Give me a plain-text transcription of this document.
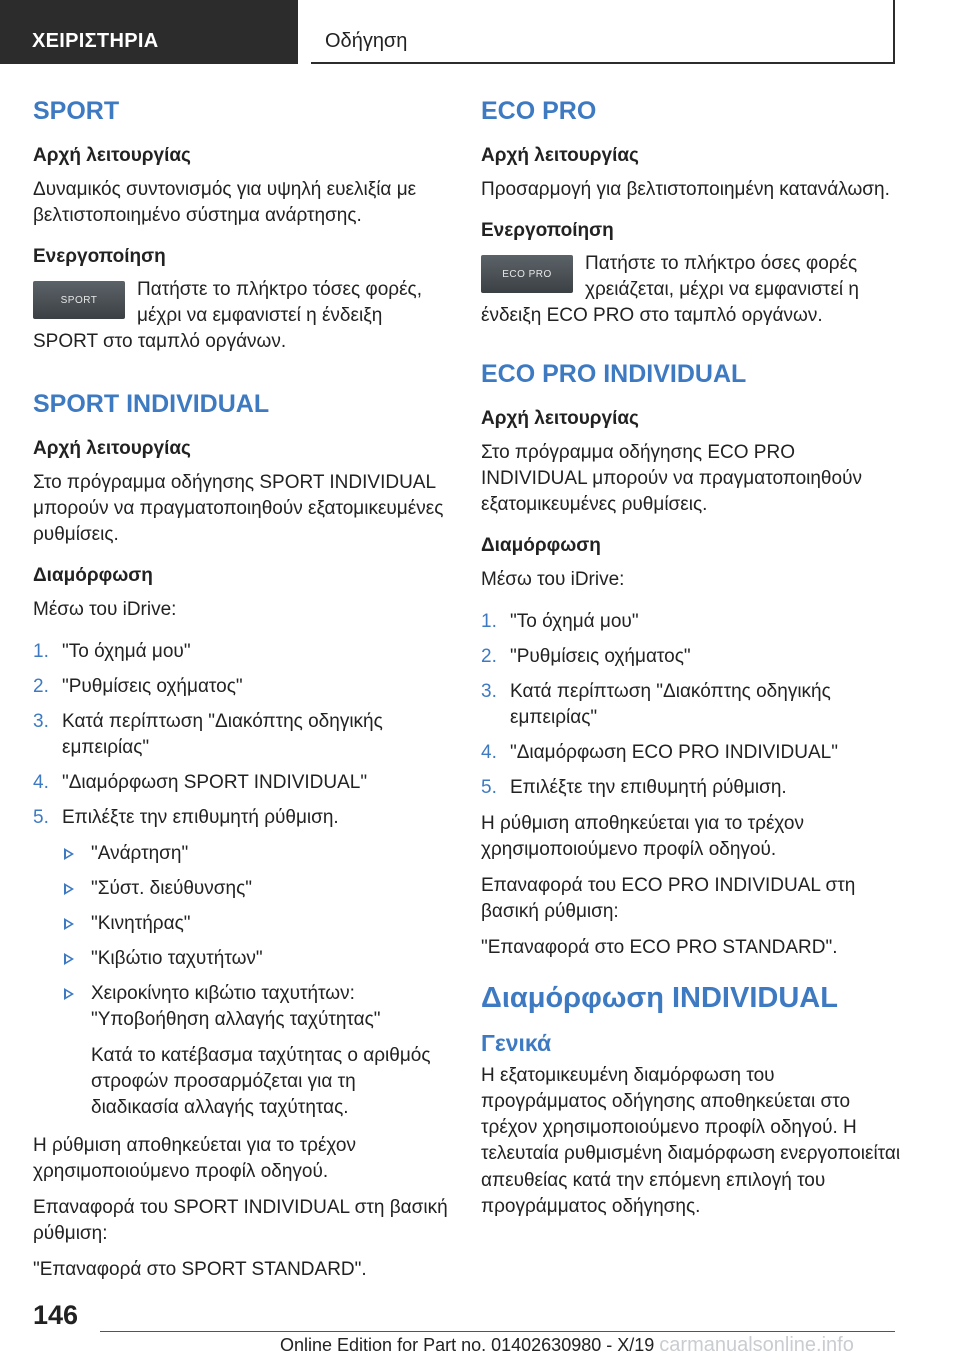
ΧΕΙΡΙΣΤΗΡΙΑ	Οδήγηση
SPORT
Αρχή λειτουργίας

Δυναμικός συντονισμός για υψηλή ευελιξία με βελτιστοποιημένο σύστημα ανάρτησης.

Ενεργοποίηση

SPORT	Πατήστε το πλήκτρο τόσες φορές, μέχρι να εμφανιστεί η ένδειξη SPORT στο ταμπλό οργάνων.

SPORT INDIVIDUAL
Αρχή λειτουργίας

Στο πρόγραμμα οδήγησης SPORT INDIVIDUAL μπορούν να πραγματοποιηθούν εξατομικευμένες ρυθμίσεις.

Διαμόρφωση

Μέσω του iDrive:

1. "Το όχημά μου"
2. "Ρυθμίσεις οχήματος"
3. Κατά περίπτωση "Διακόπτης οδηγικής εμπειρίας"
4. "Διαμόρφωση SPORT INDIVIDUAL"
5. Επιλέξτε την επιθυμητή ρύθμιση.
"Ανάρτηση"
"Σύστ. διεύθυνσης"
"Κινητήρας"
"Κιβώτιο ταχυτήτων"
Χειροκίνητο κιβώτιο ταχυτήτων: "Υποβοήθηση αλλαγής ταχύτητας"
Κατά το κατέβασμα ταχύτητας ο αριθμός στροφών προσαρμόζεται για τη διαδικασία αλλαγής ταχύτητας.

Η ρύθμιση αποθηκεύεται για το τρέχον χρησιμοποιούμενο προφίλ οδηγού.

Επαναφορά του SPORT INDIVIDUAL στη βασική ρύθμιση:

"Επαναφορά στο SPORT STANDARD".

ECO PRO
Αρχή λειτουργίας

Προσαρμογή για βελτιστοποιημένη κατανάλωση.

Ενεργοποίηση

ECO PRO	Πατήστε το πλήκτρο όσες φορές χρειάζεται, μέχρι να εμφανιστεί η ένδειξη ECO PRO στο ταμπλό οργάνων.

ECO PRO INDIVIDUAL
Αρχή λειτουργίας

Στο πρόγραμμα οδήγησης ECO PRO INDIVIDUAL μπορούν να πραγματοποιηθούν εξατομικευμένες ρυθμίσεις.

Διαμόρφωση

Μέσω του iDrive:

1. "Το όχημά μου"
2. "Ρυθμίσεις οχήματος"
3. Κατά περίπτωση "Διακόπτης οδηγικής εμπειρίας"
4. "Διαμόρφωση ECO PRO INDIVIDUAL"
5. Επιλέξτε την επιθυμητή ρύθμιση.

Η ρύθμιση αποθηκεύεται για το τρέχον χρησιμοποιούμενο προφίλ οδηγού.

Επαναφορά του ECO PRO INDIVIDUAL στη βασική ρύθμιση:

"Επαναφορά στο ECO PRO STANDARD".

Διαμόρφωση INDIVIDUAL
Γενικά

Η εξατομικευμένη διαμόρφωση του προγράμματος οδήγησης αποθηκεύεται στο τρέχον χρησιμοποιούμενο προφίλ οδηγού. Η τελευταία ρυθμισμένη διαμόρφωση ενεργοποιείται απευθείας κατά την επόμενη επιλογή του προγράμματος οδήγησης.

146
Online Edition for Part no. 01402630980 - X/19 carmanualsonline.info
